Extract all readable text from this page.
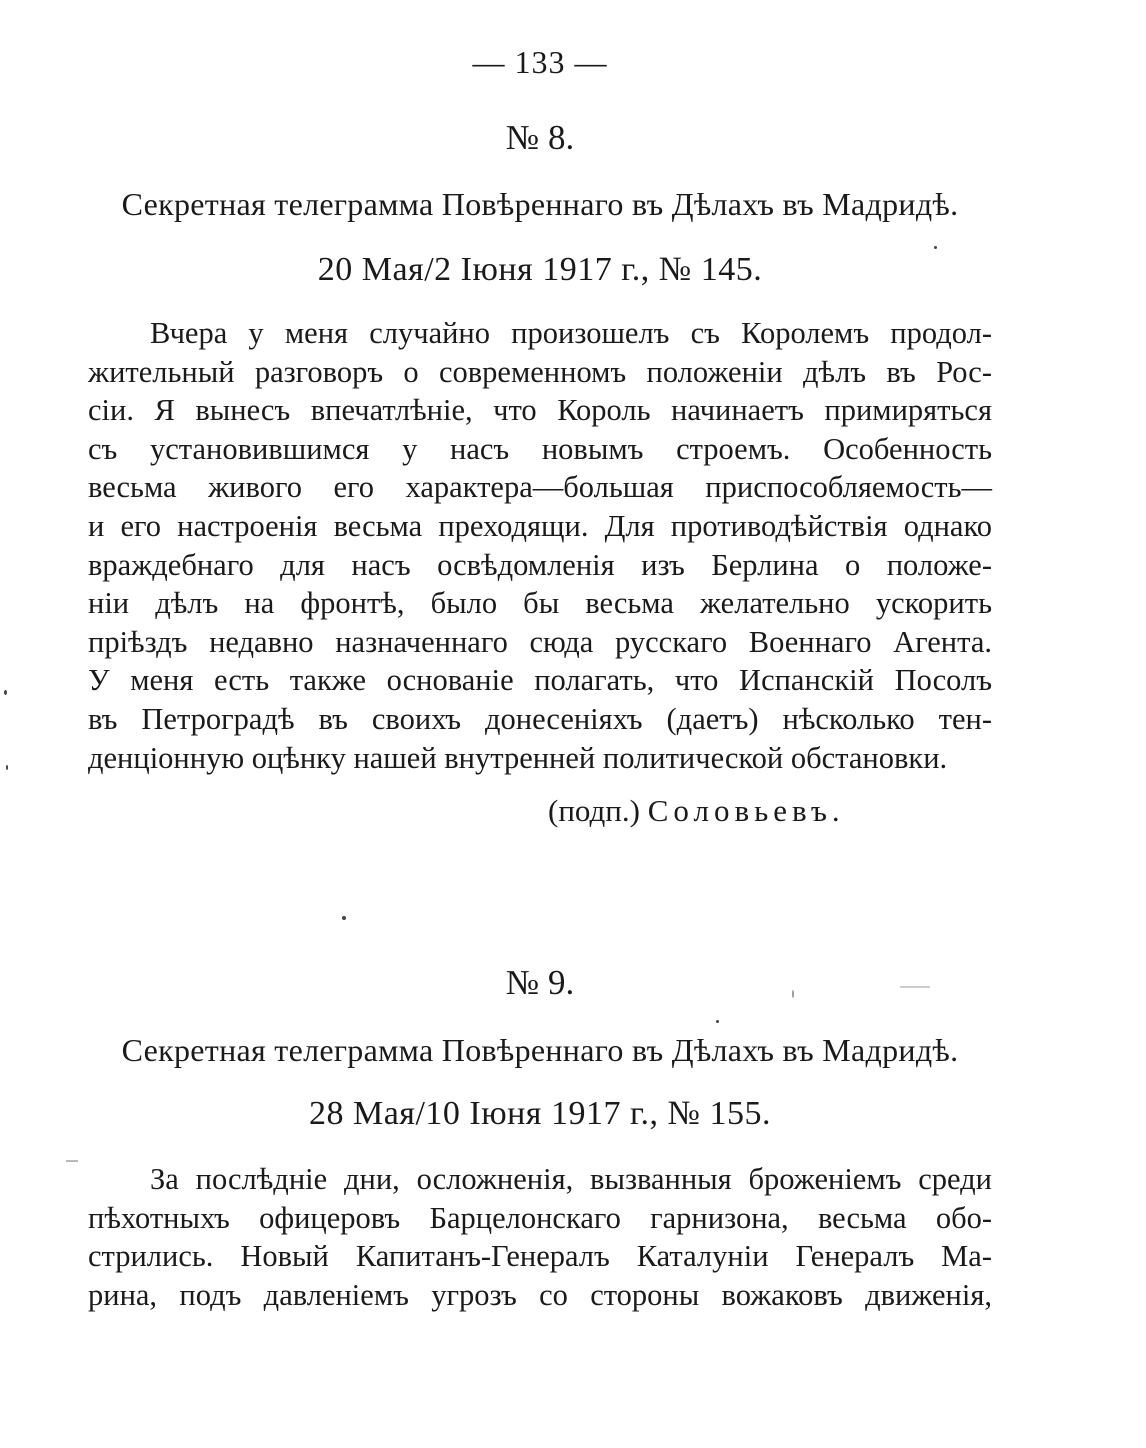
— 133 —
№ 8.
Секретная телеграмма Повѣреннаго въ Дѣлахъ въ Мадридѣ.
20 Мая/2 Іюня 1917 г., № 145.
Вчера у меня случайно произошелъ съ Королемъ продол-
жительный разговоръ о современномъ положеніи дѣлъ въ Рос-
сіи. Я вынесъ впечатлѣніе, что Король начинаетъ примиряться
съ установившимся у насъ новымъ строемъ. Особенность
весьма живого его характера—большая приспособляемость—
и его настроенія весьма преходящи. Для противодѣйствія однако
враждебнаго для насъ освѣдомленія изъ Берлина о положе-
ніи дѣлъ на фронтѣ, было бы весьма желательно ускорить
пріѣздъ недавно назначеннаго сюда русскаго Военнаго Агента.
У меня есть также основаніе полагать, что Испанскій Посолъ
въ Петроградѣ въ своихъ донесеніяхъ (даетъ) нѣсколько тен-
денціонную оцѣнку нашей внутренней политической обстановки.
(подп.) Соловьевъ.
№ 9.
Секретная телеграмма Повѣреннаго въ Дѣлахъ въ Мадридѣ.
28 Мая/10 Іюня 1917 г., № 155.
За послѣдніе дни, осложненія, вызванныя броженіемъ среди
пѣхотныхъ офицеровъ Барцелонскаго гарнизона, весьма обо-
стрились. Новый Капитанъ-Генералъ Каталуніи Генералъ Ма-
рина, подъ давленіемъ угрозъ со стороны вожаковъ движенія,
